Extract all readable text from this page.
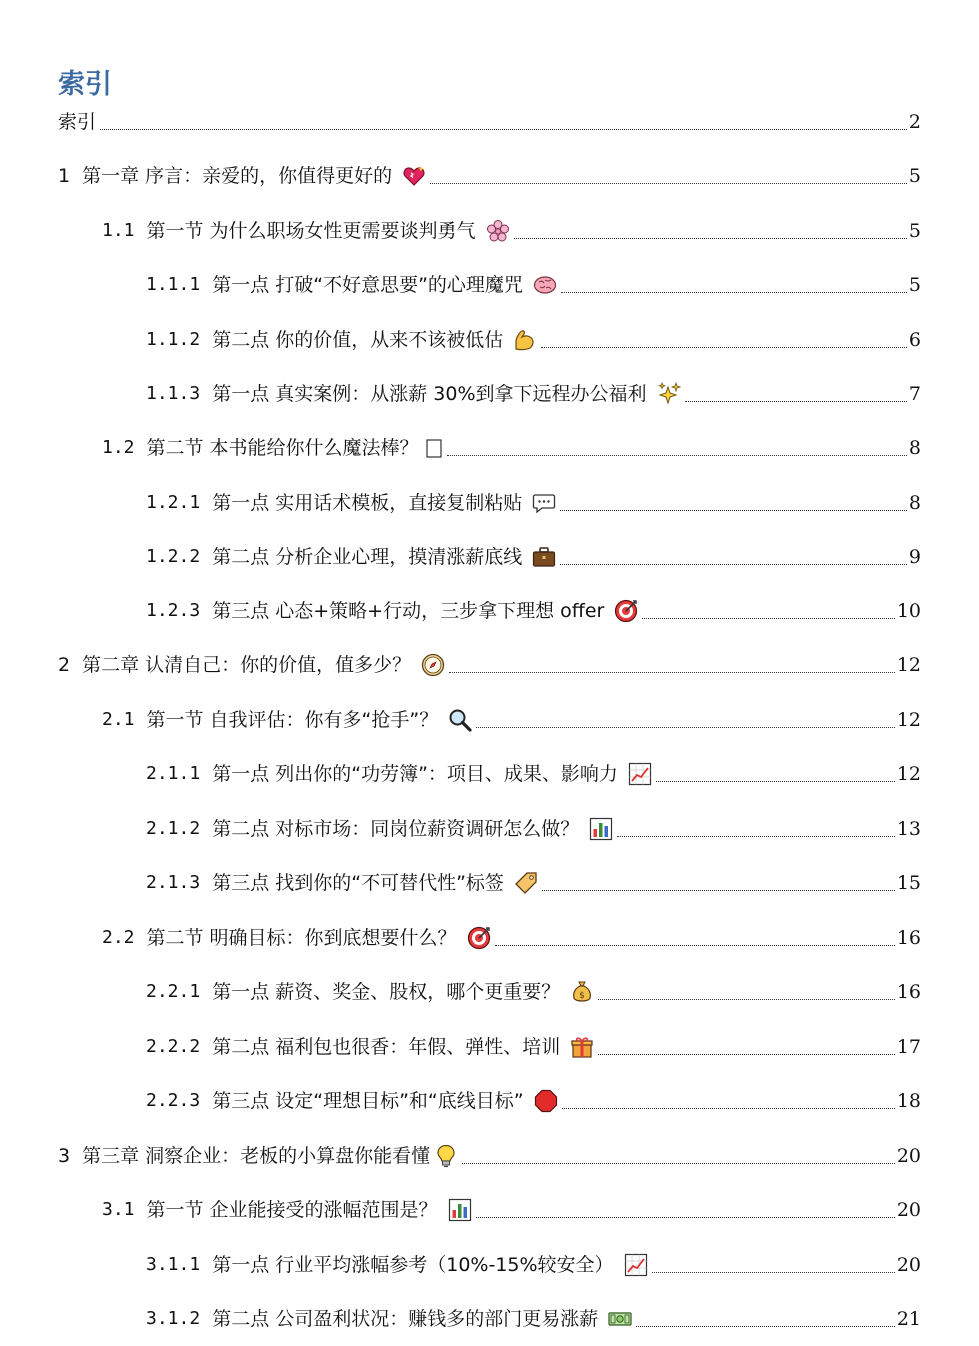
索引
索引	2
1 第一章 序言：亲爱的，你值得更好的	5
1.1 第一节 为什么职场女性更需要谈判勇气	5
1.1.1 第一点 打破“不好意思要”的心理魔咒	5
1.1.2 第二点 你的价值，从来不该被低估	6
1.1.3 第一点 真实案例：从涨薪 30%到拿下远程办公福利	7
1.2 第二节 本书能给你什么魔法棒？	8
1.2.1 第一点 实用话术模板，直接复制粘贴	8
1.2.2 第二点 分析企业心理，摸清涨薪底线	9
1.2.3 第三点 心态+策略+行动，三步拿下理想 offer	10
2 第二章 认清自己：你的价值，值多少？	12
2.1 第一节 自我评估：你有多“抢手”？	12
2.1.1 第一点 列出你的“功劳簿”：项目、成果、影响力	12
2.1.2 第二点 对标市场：同岗位薪资调研怎么做？	13
2.1.3 第三点 找到你的“不可替代性”标签	15
2.2 第二节 明确目标：你到底想要什么？	16
2.2.1 第一点 薪资、奖金、股权，哪个更重要？ $	16
2.2.2 第二点 福利包也很香：年假、弹性、培训	17
2.2.3 第三点 设定“理想目标”和“底线目标”	18
3 第三章 洞察企业：老板的小算盘你能看懂	20
3.1 第一节 企业能接受的涨幅范围是？	20
3.1.1 第一点 行业平均涨幅参考（10%-15%较安全）	20
3.1.2 第二点 公司盈利状况：赚钱多的部门更易涨薪	21
